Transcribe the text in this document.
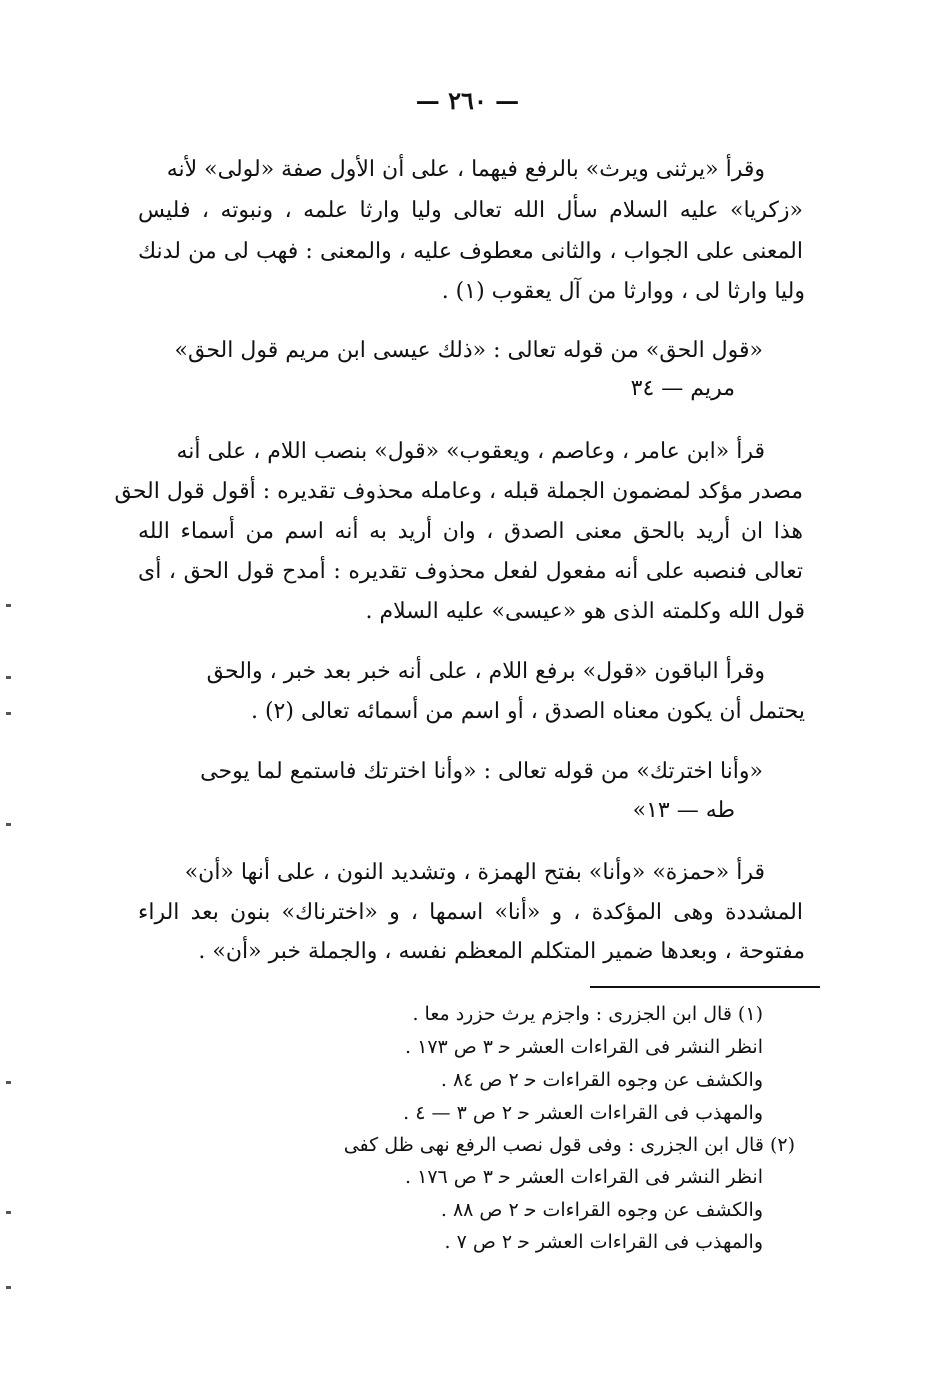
— ٢٦٠ —
وقرأ «يرثنى ويرث» بالرفع فيهما ، على أن الأول صفة «لولى» لأنه
«زكريا» عليه السلام سأل الله تعالى وليا وارثا علمه ، ونبوته ، فليس
المعنى على الجواب ، والثانى معطوف عليه ، والمعنى : فهب لى من لدنك
وليا وارثا لى ، ووارثا من آل يعقوب (١) .
«قول الحق» من قوله تعالى : «ذلك عيسى ابن مريم قول الحق»
مريم — ٣٤
قرأ «ابن عامر ، وعاصم ، ويعقوب» «قول» بنصب اللام ، على أنه
مصدر مؤكد لمضمون الجملة قبله ، وعامله محذوف تقديره : أقول قول الحق
هذا ان أريد بالحق معنى الصدق ، وان أريد به أنه اسم من أسماء الله
تعالى فنصبه على أنه مفعول لفعل محذوف تقديره : أمدح قول الحق ، أى
قول الله وكلمته الذى هو «عيسى» عليه السلام .
وقرأ الباقون «قول» برفع اللام ، على أنه خبر بعد خبر ، والحق
يحتمل أن يكون معناه الصدق ، أو اسم من أسمائه تعالى (٢) .
«وأنا اخترتك» من قوله تعالى : «وأنا اخترتك فاستمع لما يوحى
طه — ١٣»
قرأ «حمزة» «وأنا» بفتح الهمزة ، وتشديد النون ، على أنها «أن»
المشددة وهى المؤكدة ، و «أنا» اسمها ، و «اخترناك» بنون بعد الراء
مفتوحة ، وبعدها ضمير المتكلم المعظم نفسه ، والجملة خبر «أن» .
(١) قال ابن الجزرى : واجزم يرث حزرد معا .
انظر النشر فى القراءات العشر ﺣ ٣ ص ١٧٣ .
والكشف عن وجوه القراءات ﺣ ٢ ص ٨٤ .
والمهذب فى القراءات العشر ﺣ ٢ ص ٣ — ٤ .
(٢) قال ابن الجزرى : وفى قول نصب الرفع نهى ظل كفى
انظر النشر فى القراءات العشر ﺣ ٣ ص ١٧٦ .
والكشف عن وجوه القراءات ﺣ ٢ ص ٨٨ .
والمهذب فى القراءات العشر ﺣ ٢ ص ٧ .
